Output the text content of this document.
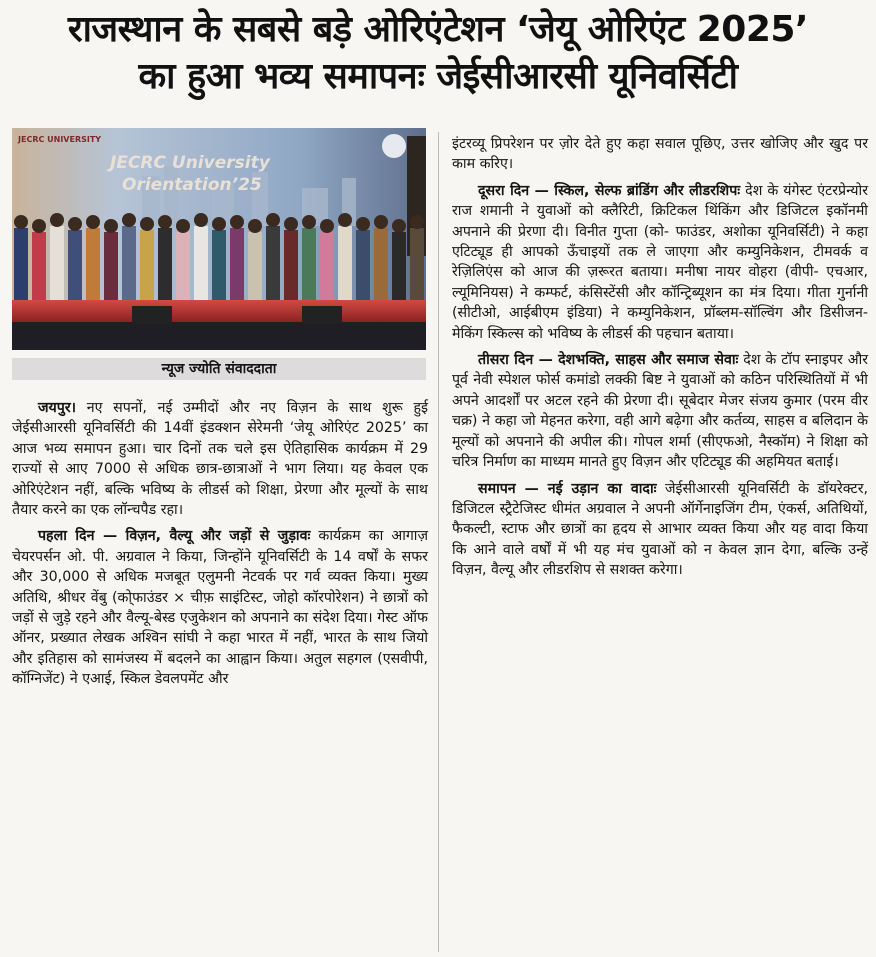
राजस्थान के सबसे बड़े ओरिएंटेशन ‘जेयू ओरिएंट 2025’
का हुआ भव्य समापनः जेईसीआरसी यूनिवर्सिटी
JECRC University
Orientation’25
JECRC UNIVERSITY
न्यूज ज्योति संवाददाता

जयपुर। नए सपनों, नई उम्मीदों और नए विज़न के साथ शुरू हुई जेईसीआरसी यूनिवर्सिटी की 14वीं इंडक्शन सेरेमनी ‘जेयू ओरिएंट 2025’ का आज भव्य समापन हुआ। चार दिनों तक चले इस ऐतिहासिक कार्यक्रम में 29 राज्यों से आए 7000 से अधिक छात्र-छात्राओं ने भाग लिया। यह केवल एक ओरिएंटेशन नहीं, बल्कि भविष्य के लीडर्स को शिक्षा, प्रेरणा और मूल्यों के साथ तैयार करने का एक लॉन्चपैड रहा।

पहला दिन — विज़न, वैल्यू और जड़ों से जुड़ावः कार्यक्रम का आगाज़ चेयरपर्सन ओ. पी. अग्रवाल ने किया, जिन्होंने यूनिवर्सिटी के 14 वर्षों के सफर और 30,000 से अधिक मजबूत एलुमनी नेटवर्क पर गर्व व्यक्त किया। मुख्य अतिथि, श्रीधर वेंबु (को्फाउंडर × चीफ़ साइंटिस्ट, जोहो कॉरपोरेशन) ने छात्रों को जड़ों से जुड़े रहने और वैल्यू-बेस्ड एजुकेशन को अपनाने का संदेश दिया। गेस्ट ऑफ ऑनर, प्रख्यात लेखक अश्विन सांघी ने कहा भारत में नहीं, भारत के साथ जियो और इतिहास को सामंजस्य में बदलने का आह्वान किया। अतुल सहगल (एसवीपी, कॉग्निजेंट) ने एआई, स्किल डेवलपमेंट और

इंटरव्यू प्रिपरेशन पर ज़ोर देते हुए कहा सवाल पूछिए, उत्तर खोजिए और खुद पर काम करिए।

दूसरा दिन — स्किल, सेल्फ ब्रांडिंग और लीडरशिपः देश के यंगेस्ट एंटरप्रेन्योर राज शमानी ने युवाओं को क्लैरिटी, क्रिटिकल थिंकिंग और डिजिटल इकॉनमी अपनाने की प्रेरणा दी। विनीत गुप्ता (को- फाउंडर, अशोका यूनिवर्सिटी) ने कहा एटिट्यूड ही आपको ऊँचाइयों तक ले जाएगा और कम्युनिकेशन, टीमवर्क व रेज़िलिएंस को आज की ज़रूरत बताया। मनीषा नायर वोहरा (वीपी- एचआर, ल्यूमिनियस) ने कम्फर्ट, कंसिस्टेंसी और कॉन्ट्रिब्यूशन का मंत्र दिया। गीता गुर्नानी (सीटीओ, आईबीएम इंडिया) ने कम्युनिकेशन, प्रॉब्लम-सॉल्विंग और डिसीजन-मेकिंग स्किल्स को भविष्य के लीडर्स की पहचान बताया।

तीसरा दिन — देशभक्ति, साहस और समाज सेवाः देश के टॉप स्नाइपर और पूर्व नेवी स्पेशल फोर्स कमांडो लक्की बिष्ट ने युवाओं को कठिन परिस्थितियों में भी अपने आदर्शों पर अटल रहने की प्रेरणा दी। सूबेदार मेजर संजय कुमार (परम वीर चक्र) ने कहा जो मेहनत करेगा, वही आगे बढ़ेगा और कर्तव्य, साहस व बलिदान के मूल्यों को अपनाने की अपील की। गोपल शर्मा (सीएफओ, नैस्कॉम) ने शिक्षा को चरित्र निर्माण का माध्यम मानते हुए विज़न और एटिट्यूड की अहमियत बताई।

समापन — नई उड़ान का वादाः जेईसीआरसी यूनिवर्सिटी के डॉयरेक्टर, डिजिटल स्ट्रैटेजिस्ट धीमंत अग्रवाल ने अपनी ऑर्गेनाइजिंग टीम, एंकर्स, अतिथियों, फैकल्टी, स्टाफ और छात्रों का हृदय से आभार व्यक्त किया और यह वादा किया कि आने वाले वर्षों में भी यह मंच युवाओं को न केवल ज्ञान देगा, बल्कि उन्हें विज़न, वैल्यू और लीडरशिप से सशक्त करेगा।
